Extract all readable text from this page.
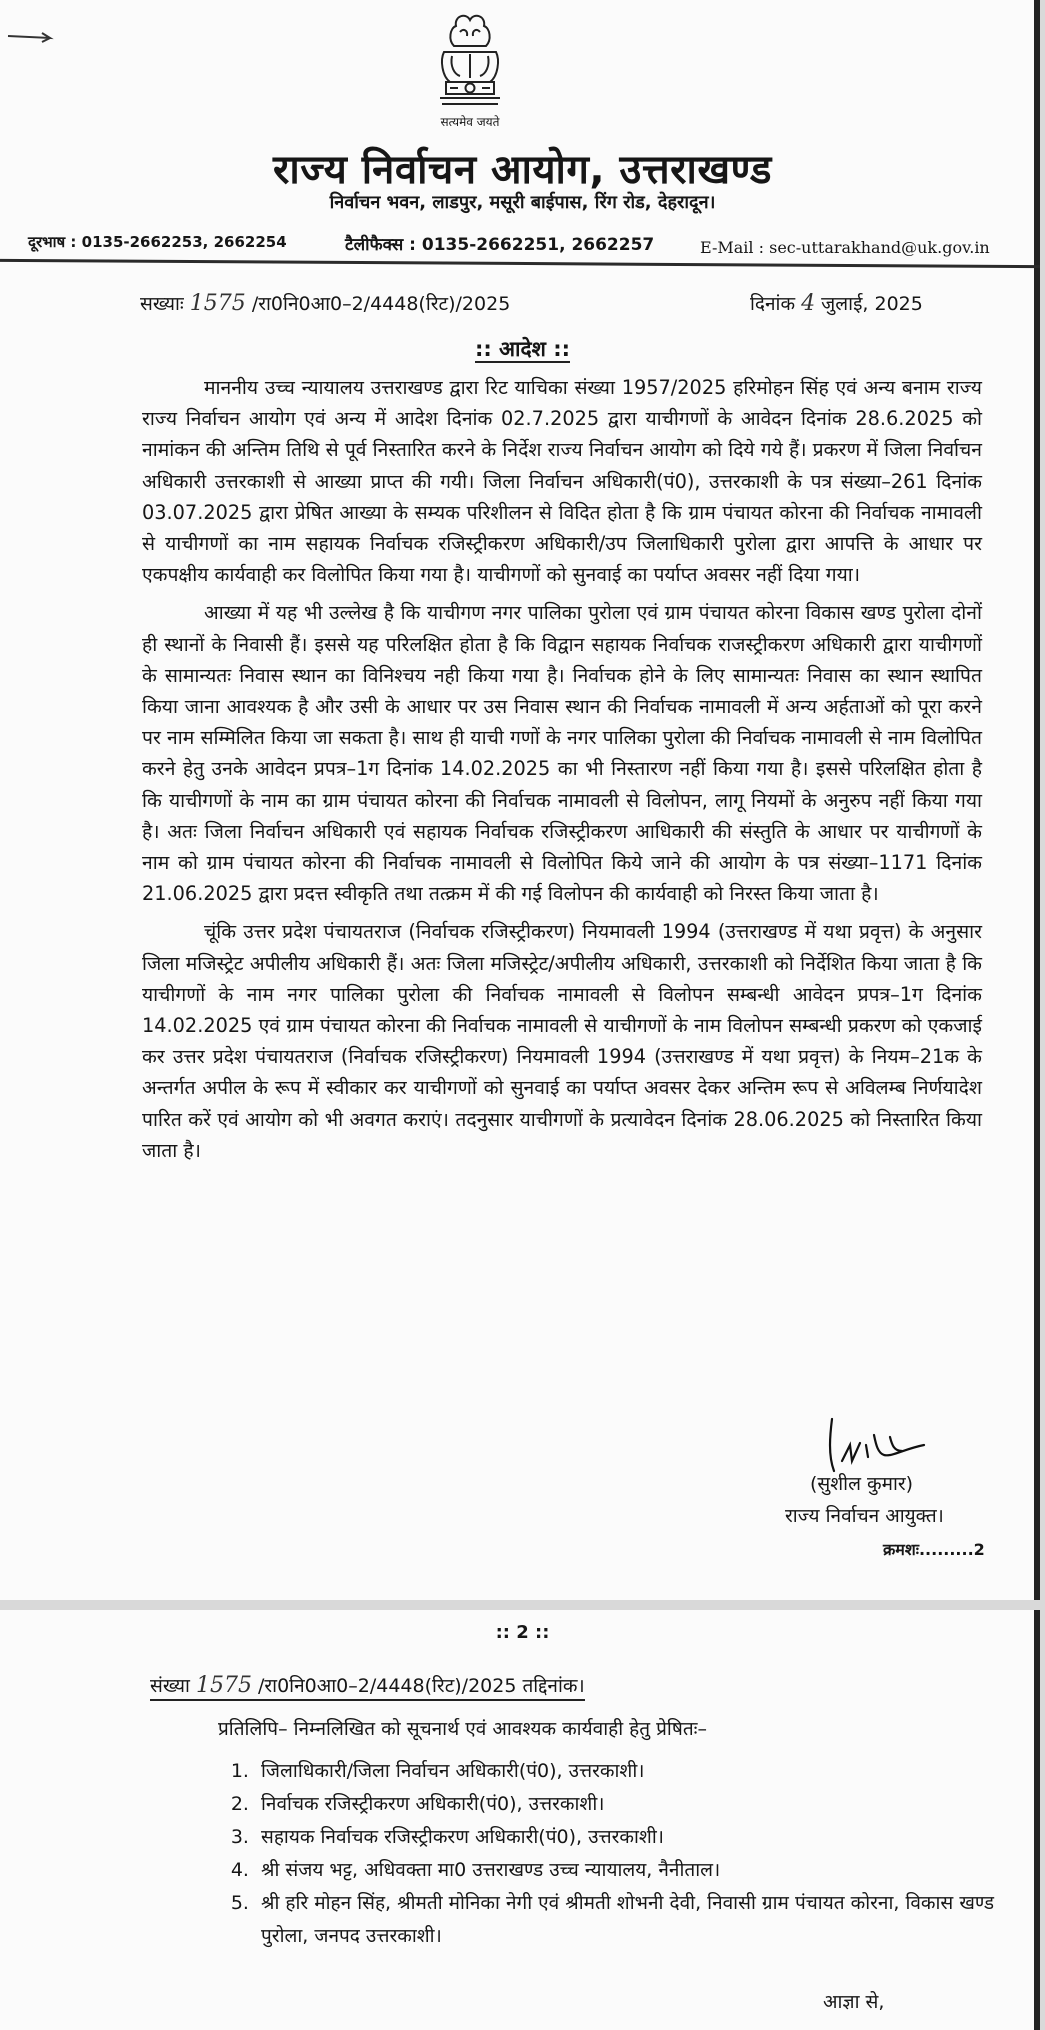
सत्यमेव जयते
राज्य निर्वाचन आयोग, उत्तराखण्ड
निर्वाचन भवन, लाडपुर, मसूरी बाईपास, रिंग रोड, देहरादून।
दूरभाष : 0135-2662253, 2662254	टैलीफैक्स : 0135-2662251, 2662257	E-Mail : sec-uttarakhand@uk.gov.in
सख्याः 1575 /रा0नि0आ0–2/4448(रिट)/2025	दिनांक 4 जुलाई, 2025
:: आदेश ::

माननीय उच्च न्यायालय उत्तराखण्ड द्वारा रिट याचिका संख्या 1957/2025 हरिमोहन सिंह एवं अन्य बनाम राज्य राज्य निर्वाचन आयोग एवं अन्य में आदेश दिनांक 02.7.2025 द्वारा याचीगणों के आवेदन दिनांक 28.6.2025 को नामांकन की अन्तिम तिथि से पूर्व निस्तारित करने के निर्देश राज्य निर्वाचन आयोग को दिये गये हैं। प्रकरण में जिला निर्वाचन अधिकारी उत्तरकाशी से आख्या प्राप्त की गयी। जिला निर्वाचन अधिकारी(पं0), उत्तरकाशी के पत्र संख्या–261 दिनांक 03.07.2025 द्वारा प्रेषित आख्या के सम्यक परिशीलन से विदित होता है कि ग्राम पंचायत कोरना की निर्वाचक नामावली से याचीगणों का नाम सहायक निर्वाचक रजिस्ट्रीकरण अधिकारी/उप जिलाधिकारी पुरोला द्वारा आपत्ति के आधार पर एकपक्षीय कार्यवाही कर विलोपित किया गया है। याचीगणों को सुनवाई का पर्याप्त अवसर नहीं दिया गया।

आख्या में यह भी उल्लेख है कि याचीगण नगर पालिका पुरोला एवं ग्राम पंचायत कोरना विकास खण्ड पुरोला दोनों ही स्थानों के निवासी हैं। इससे यह परिलक्षित होता है कि विद्वान सहायक निर्वाचक राजस्ट्रीकरण अधिकारी द्वारा याचीगणों के सामान्यतः निवास स्थान का विनिश्चय नही किया गया है। निर्वाचक होने के लिए सामान्यतः निवास का स्थान स्थापित किया जाना आवश्यक है और उसी के आधार पर उस निवास स्थान की निर्वाचक नामावली में अन्य अर्हताओं को पूरा करने पर नाम सम्मिलित किया जा सकता है। साथ ही याची गणों के नगर पालिका पुरोला की निर्वाचक नामावली से नाम विलोपित करने हेतु उनके आवेदन प्रपत्र–1ग दिनांक 14.02.2025 का भी निस्तारण नहीं किया गया है। इससे परिलक्षित होता है कि याचीगणों के नाम का ग्राम पंचायत कोरना की निर्वाचक नामावली से विलोपन, लागू नियमों के अनुरुप नहीं किया गया है। अतः जिला निर्वाचन अधिकारी एवं सहायक निर्वाचक रजिस्ट्रीकरण आधिकारी की संस्तुति के आधार पर याचीगणों के नाम को ग्राम पंचायत कोरना की निर्वाचक नामावली से विलोपित किये जाने की आयोग के पत्र संख्या–1171 दिनांक 21.06.2025 द्वारा प्रदत्त स्वीकृति तथा तत्क्रम में की गई विलोपन की कार्यवाही को निरस्त किया जाता है।

चूंकि उत्तर प्रदेश पंचायतराज (निर्वाचक रजिस्ट्रीकरण) नियमावली 1994 (उत्तराखण्ड में यथा प्रवृत्त) के अनुसार जिला मजिस्ट्रेट अपीलीय अधिकारी हैं। अतः जिला मजिस्ट्रेट/अपीलीय अधिकारी, उत्तरकाशी को निर्देशित किया जाता है कि याचीगणों के नाम नगर पालिका पुरोला की निर्वाचक नामावली से विलोपन सम्बन्धी आवेदन प्रपत्र–1ग दिनांक 14.02.2025 एवं ग्राम पंचायत कोरना की निर्वाचक नामावली से याचीगणों के नाम विलोपन सम्बन्धी प्रकरण को एकजाई कर उत्तर प्रदेश पंचायतराज (निर्वाचक रजिस्ट्रीकरण) नियमावली 1994 (उत्तराखण्ड में यथा प्रवृत्त) के नियम–21क के अन्तर्गत अपील के रूप में स्वीकार कर याचीगणों को सुनवाई का पर्याप्त अवसर देकर अन्तिम रूप से अविलम्ब निर्णयादेश पारित करें एवं आयोग को भी अवगत कराएं। तदनुसार याचीगणों के प्रत्यावेदन दिनांक 28.06.2025 को निस्तारित किया जाता है।

(सुशील कुमार)
राज्य निर्वाचन आयुक्त।
क्रमशः.........2
:: 2 ::
संख्या 1575 /रा0नि0आ0–2/4448(रिट)/2025 तद्दिनांक।
प्रतिलिपि– निम्नलिखित को सूचनार्थ एवं आवश्यक कार्यवाही हेतु प्रेषितः–
1. जिलाधिकारी/जिला निर्वाचन अधिकारी(पं0), उत्तरकाशी।
2. निर्वाचक रजिस्ट्रीकरण अधिकारी(पं0), उत्तरकाशी।
3. सहायक निर्वाचक रजिस्ट्रीकरण अधिकारी(पं0), उत्तरकाशी।
4. श्री संजय भट्ट, अधिवक्ता मा0 उत्तराखण्ड उच्च न्यायालय, नैनीताल।
5. श्री हरि मोहन सिंह, श्रीमती मोनिका नेगी एवं श्रीमती शोभनी देवी, निवासी ग्राम पंचायत कोरना, विकास खण्ड पुरोला, जनपद उत्तरकाशी।
आज्ञा से,
